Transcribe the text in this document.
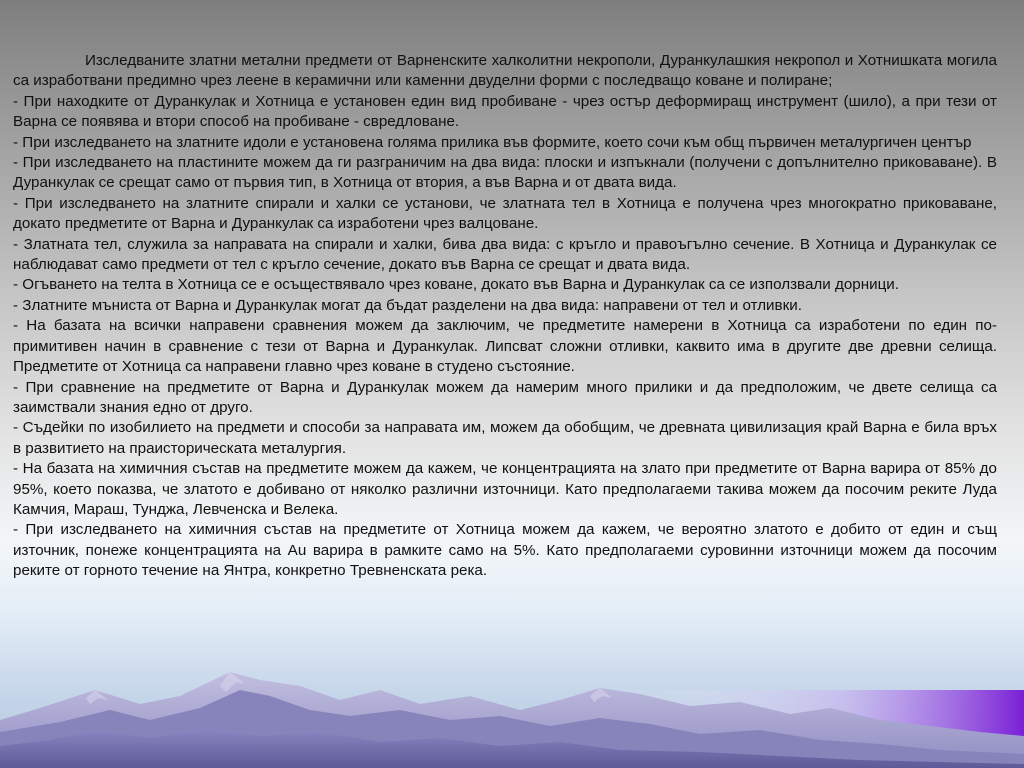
Изследваните златни метални предмети от Варненските халколитни некрополи, Дуранкулашкия некропол и Хотнишката могила са изработвани предимно чрез леене в керамични или каменни двуделни форми с последващо коване и полиране;

- При находките от Дуранкулак и Хотница е установен един вид пробиване - чрез остър деформиращ инструмент (шило), а при тези от Варна се появява и втори способ на пробиване - свредловане.

- При изследването на златните идоли е установена голяма прилика във формите, което сочи към общ първичен металургичен център

- При изследването на пластините можем да ги разграничим на два вида: плоски и изпъкнали (получени с допълнително приковаване). В Дуранкулак се срещат само от първия тип, в Хотница от втория, а във Варна и от двата вида.

- При изследването на златните спирали и халки се установи, че златната тел в Хотница е получена чрез многократно приковаване, докато предметите от Варна и Дуранкулак са изработени чрез валцоване.

- Златната тел, служила за направата на спирали и халки, бива два вида: с кръгло и правоъгълно сечение. В Хотница и Дуранкулак се наблюдават само предмети от тел с кръгло сечение, докато във Варна се срещат и двата вида.

- Огъването на телта в Хотница се е осъществявало чрез коване, докато във Варна и Дуранкулак са се използвали дорници.

- Златните мъниста от Варна и Дуранкулак могат да бъдат разделени на два вида: направени от тел и отливки.

- На базата на всички направени сравнения можем да заключим, че предметите намерени в Хотница са изработени по един по-примитивен начин в сравнение с тези от Варна и Дуранкулак. Липсват сложни отливки, каквито има в другите две древни селища. Предметите от Хотница са направени главно чрез коване в студено състояние.

- При сравнение на предметите от Варна и Дуранкулак можем да намерим много прилики и да предположим, че двете селища са заимствали знания едно от друго.

- Съдейки по изобилието на предмети и способи за направата им, можем да обобщим, че древната цивилизация край Варна е била връх в развитието на праисторическата металургия.

- На базата на химичния състав на предметите можем да кажем, че концентрацията на злато при предметите от Варна варира от 85% до 95%, което показва, че златото е добивано от няколко различни източници. Като предполагаеми такива можем да посочим реките Луда Камчия, Мараш, Тунджа, Левченска и Велека.

- При изследването на химичния състав на предметите от Хотница можем да кажем, че вероятно златото е добито от един и същ източник, понеже концентрацията на Au варира в рамките само на 5%. Като предполагаеми суровинни източници можем да посочим реките от горното течение на Янтра, конкретно Тревненската река.
